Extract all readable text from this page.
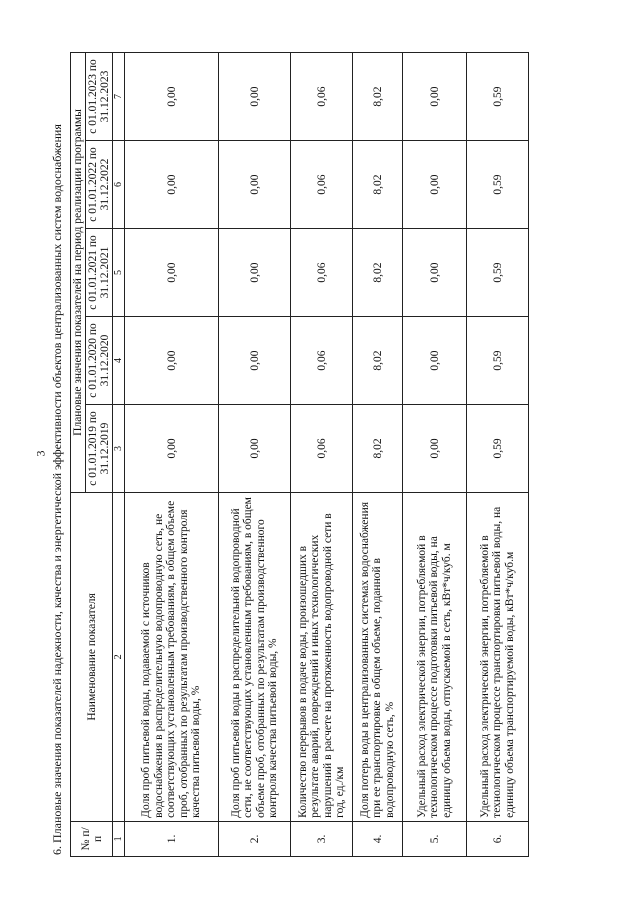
3 6. Плановые значения показателей надежности, качества и энергетической эффективности объектов централизованных систем водоснабжения № п/п	Наименование показателя	Плановые значения показателей на период реализации программы				
		с 01.01.2019 по 31.12.2019	с 01.01.2020 по 31.12.2020	с 01.01.2021 по 31.12.2021	с 01.01.2022 по 31.12.2022	с 01.01.2023 по 31.12.2023
1	2	3	4	5	6	7
1.	Доля проб питьевой воды, подаваемой с источников водоснабжения в распределительную водопроводную сеть, не соответствующих установленным требованиям, в общем объеме проб, отобранных по результатам производственного контроля качества питьевой воды, %	0,00	0,00	0,00	0,00	0,00
2.	Доля проб питьевой воды в распределительной водопроводной сети, не соответствующих установленным требованиям, в общем объеме проб, отобранных по результатам производственного контроля качества питьевой воды, %	0,00	0,00	0,00	0,00	0,00
3.	Количество перерывов в подаче воды, произошедших в результате аварий, повреждений и иных технологических нарушений в расчете на протяженность водопроводной сети в год, ед./км	0,06	0,06	0,06	0,06	0,06
4.	Доля потерь воды в централизованных системах водоснабжения при ее транспортировке в общем объеме, поданной в водопроводную сеть, %	8,02	8,02	8,02	8,02	8,02
5.	Удельный расход электрической энергии, потребляемой в технологическом процессе подготовки питьевой воды, на единицу объема воды, отпускаемой в сеть, кВт*ч/куб. м	0,00	0,00	0,00	0,00	0,00
6.	Удельный расход электрической энергии, потребляемой в технологическом процессе транспортировки питьевой воды, на единицу объема транспортируемой воды, кВт*ч/куб.м	0,59	0,59	0,59	0,59	0,59
